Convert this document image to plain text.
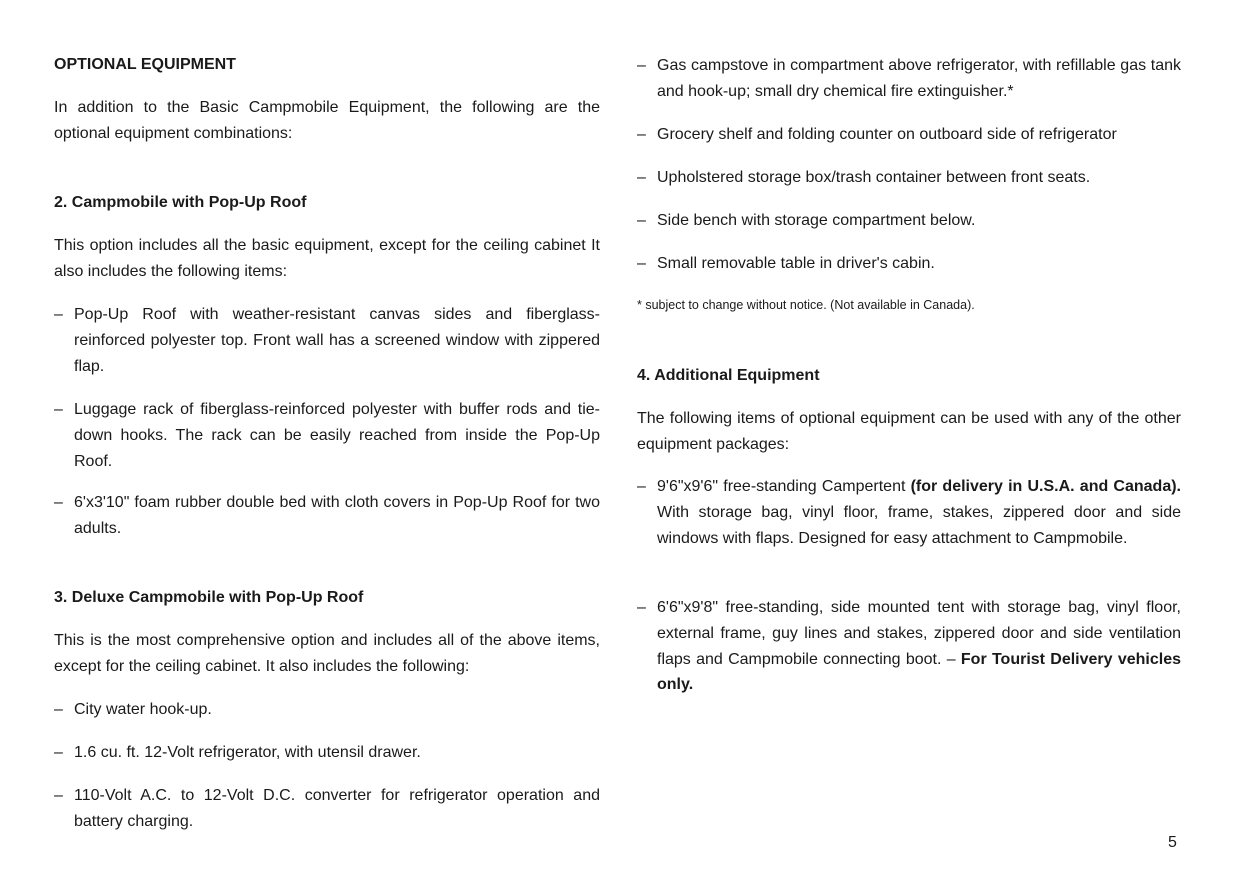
OPTIONAL EQUIPMENT
In addition to the Basic Campmobile Equipment, the following are the optional equipment combinations:
2. Campmobile with Pop-Up Roof
This option includes all the basic equipment, except for the ceiling cabinet It also includes the following items:
– Pop-Up Roof with weather-resistant canvas sides and fiberglass-reinforced polyester top. Front wall has a screened window with zippered flap.
– Luggage rack of fiberglass-reinforced polyester with buffer rods and tie-down hooks. The rack can be easily reached from inside the Pop-Up Roof.
– 6'x3'10" foam rubber double bed with cloth covers in Pop-Up Roof for two adults.
3. Deluxe Campmobile with Pop-Up Roof
This is the most comprehensive option and includes all of the above items, except for the ceiling cabinet. It also includes the following:
– City water hook-up.
– 1.6 cu. ft. 12-Volt refrigerator, with utensil drawer.
– 110-Volt A.C. to 12-Volt D.C. converter for refrigerator operation and battery charging.
– Gas campstove in compartment above refrigerator, with refillable gas tank and hook-up; small dry chemical fire extinguisher.*
– Grocery shelf and folding counter on outboard side of refrigerator
– Upholstered storage box/trash container between front seats.
– Side bench with storage compartment below.
– Small removable table in driver's cabin.
* subject to change without notice. (Not available in Canada).
4. Additional Equipment
The following items of optional equipment can be used with any of the other equipment packages:
– 9'6"x9'6" free-standing Campertent (for delivery in U.S.A. and Canada). With storage bag, vinyl floor, frame, stakes, zippered door and side windows with flaps. Designed for easy attachment to Campmobile.
– 6'6"x9'8" free-standing, side mounted tent with storage bag, vinyl floor, external frame, guy lines and stakes, zippered door and side ventilation flaps and Campmobile connecting boot. – For Tourist Delivery vehicles only.
5
